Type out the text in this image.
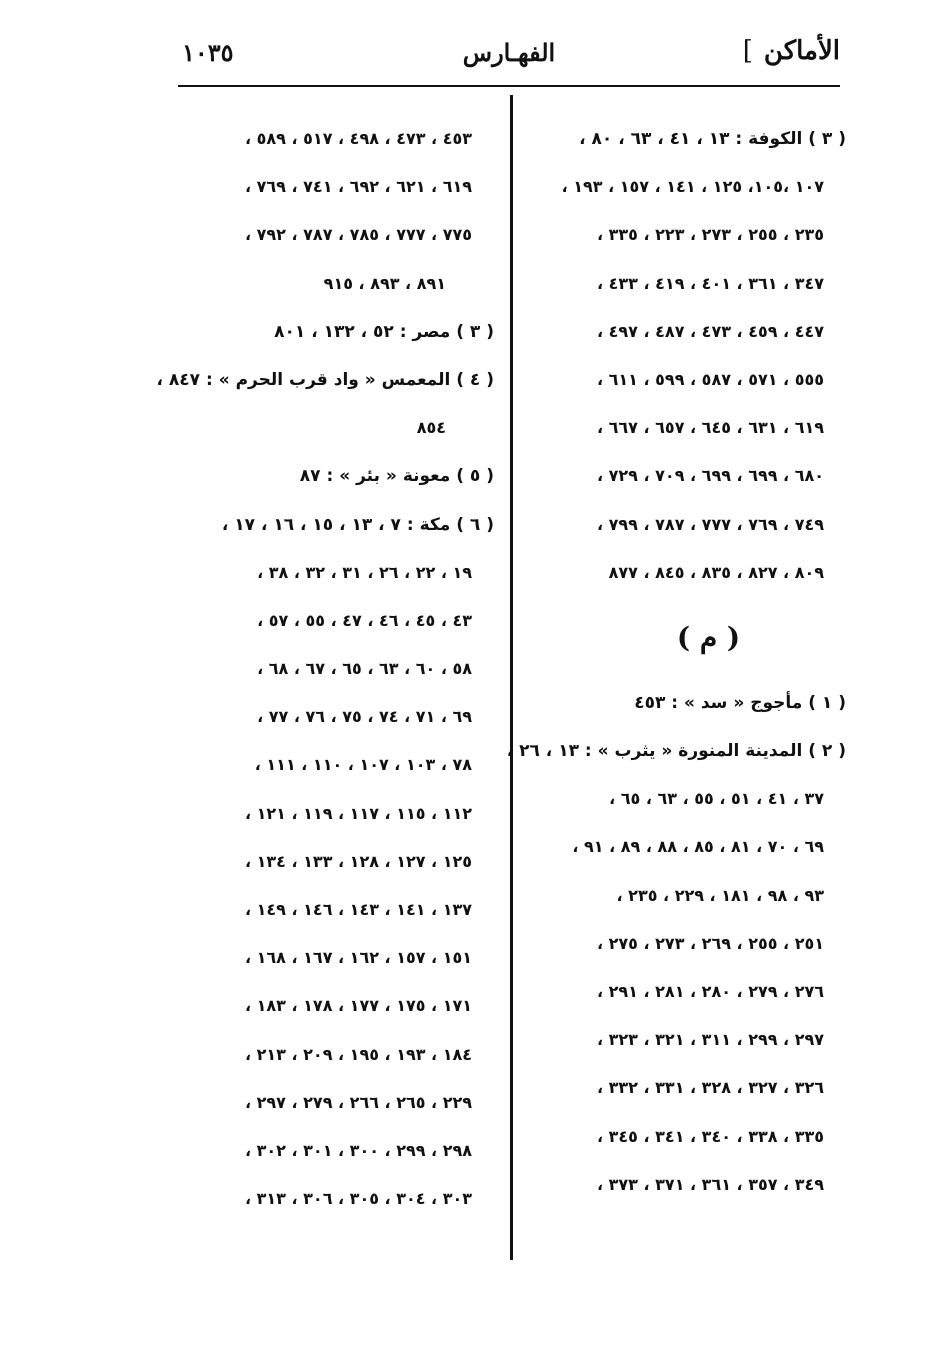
الأماكن ]
الفهـارس
١٠٣٥
( ٣ ) الكوفة : ١٣ ، ٤١ ، ٦٣ ، ٨٠ ،
١٠٧ ،١٠٥، ١٢٥ ، ١٤١ ، ١٥٧ ، ١٩٣ ،
٢٣٥ ، ٢٥٥ ، ٢٧٣ ، ٢٢٣ ، ٣٣٥ ،
٣٤٧ ، ٣٦١ ، ٤٠١ ، ٤١٩ ، ٤٣٣ ،
٤٤٧ ، ٤٥٩ ، ٤٧٣ ، ٤٨٧ ، ٤٩٧ ،
٥٥٥ ، ٥٧١ ، ٥٨٧ ، ٥٩٩ ، ٦١١ ،
٦١٩ ، ٦٣١ ، ٦٤٥ ، ٦٥٧ ، ٦٦٧ ،
٦٨٠ ، ٦٩٩ ، ٦٩٩ ، ٧٠٩ ، ٧٢٩ ،
٧٤٩ ، ٧٦٩ ، ٧٧٧ ، ٧٨٧ ، ٧٩٩ ،
٨٠٩ ، ٨٢٧ ، ٨٣٥ ، ٨٤٥ ، ٨٧٧
( م )
( ١ ) مأجوج « سد » : ٤٥٣
( ٢ ) المدينة المنورة « يثرب » : ١٣ ، ٢٦ ،
٣٧ ، ٤١ ، ٥١ ، ٥٥ ، ٦٣ ، ٦٥ ،
٦٩ ، ٧٠ ، ٨١ ، ٨٥ ، ٨٨ ، ٨٩ ، ٩١ ،
٩٣ ، ٩٨ ، ١٨١ ، ٢٢٩ ، ٢٣٥ ،
٢٥١ ، ٢٥٥ ، ٢٦٩ ، ٢٧٣ ، ٢٧٥ ،
٢٧٦ ، ٢٧٩ ، ٢٨٠ ، ٢٨١ ، ٢٩١ ،
٢٩٧ ، ٢٩٩ ، ٣١١ ، ٣٢١ ، ٣٢٣ ،
٣٢٦ ، ٣٢٧ ، ٣٢٨ ، ٣٣١ ، ٣٣٢ ،
٣٣٥ ، ٣٣٨ ، ٣٤٠ ، ٣٤١ ، ٣٤٥ ،
٣٤٩ ، ٣٥٧ ، ٣٦١ ، ٣٧١ ، ٣٧٣ ،
٤٥٣ ، ٤٧٣ ، ٤٩٨ ، ٥١٧ ، ٥٨٩ ،
٦١٩ ، ٦٢١ ، ٦٩٢ ، ٧٤١ ، ٧٦٩ ،
٧٧٥ ، ٧٧٧ ، ٧٨٥ ، ٧٨٧ ، ٧٩٢ ،
٨٩١ ، ٨٩٣ ، ٩١٥
( ٣ ) مصر : ٥٢ ، ١٣٢ ، ٨٠١
( ٤ ) المعمس « واد قرب الحرم » : ٨٤٧ ،
٨٥٤
( ٥ ) معونة « بئر » : ٨٧
( ٦ ) مكة : ٧ ، ١٣ ، ١٥ ، ١٦ ، ١٧ ،
١٩ ، ٢٢ ، ٢٦ ، ٣١ ، ٣٢ ، ٣٨ ،
٤٣ ، ٤٥ ، ٤٦ ، ٤٧ ، ٥٥ ، ٥٧ ،
٥٨ ، ٦٠ ، ٦٣ ، ٦٥ ، ٦٧ ، ٦٨ ،
٦٩ ، ٧١ ، ٧٤ ، ٧٥ ، ٧٦ ، ٧٧ ،
٧٨ ، ١٠٣ ، ١٠٧ ، ١١٠ ، ١١١ ،
١١٢ ، ١١٥ ، ١١٧ ، ١١٩ ، ١٢١ ،
١٢٥ ، ١٢٧ ، ١٢٨ ، ١٣٣ ، ١٣٤ ،
١٣٧ ، ١٤١ ، ١٤٣ ، ١٤٦ ، ١٤٩ ،
١٥١ ، ١٥٧ ، ١٦٢ ، ١٦٧ ، ١٦٨ ،
١٧١ ، ١٧٥ ، ١٧٧ ، ١٧٨ ، ١٨٣ ،
١٨٤ ، ١٩٣ ، ١٩٥ ، ٢٠٩ ، ٢١٣ ،
٢٢٩ ، ٢٦٥ ، ٢٦٦ ، ٢٧٩ ، ٢٩٧ ،
٢٩٨ ، ٢٩٩ ، ٣٠٠ ، ٣٠١ ، ٣٠٢ ،
٣٠٣ ، ٣٠٤ ، ٣٠٥ ، ٣٠٦ ، ٣١٣ ،
